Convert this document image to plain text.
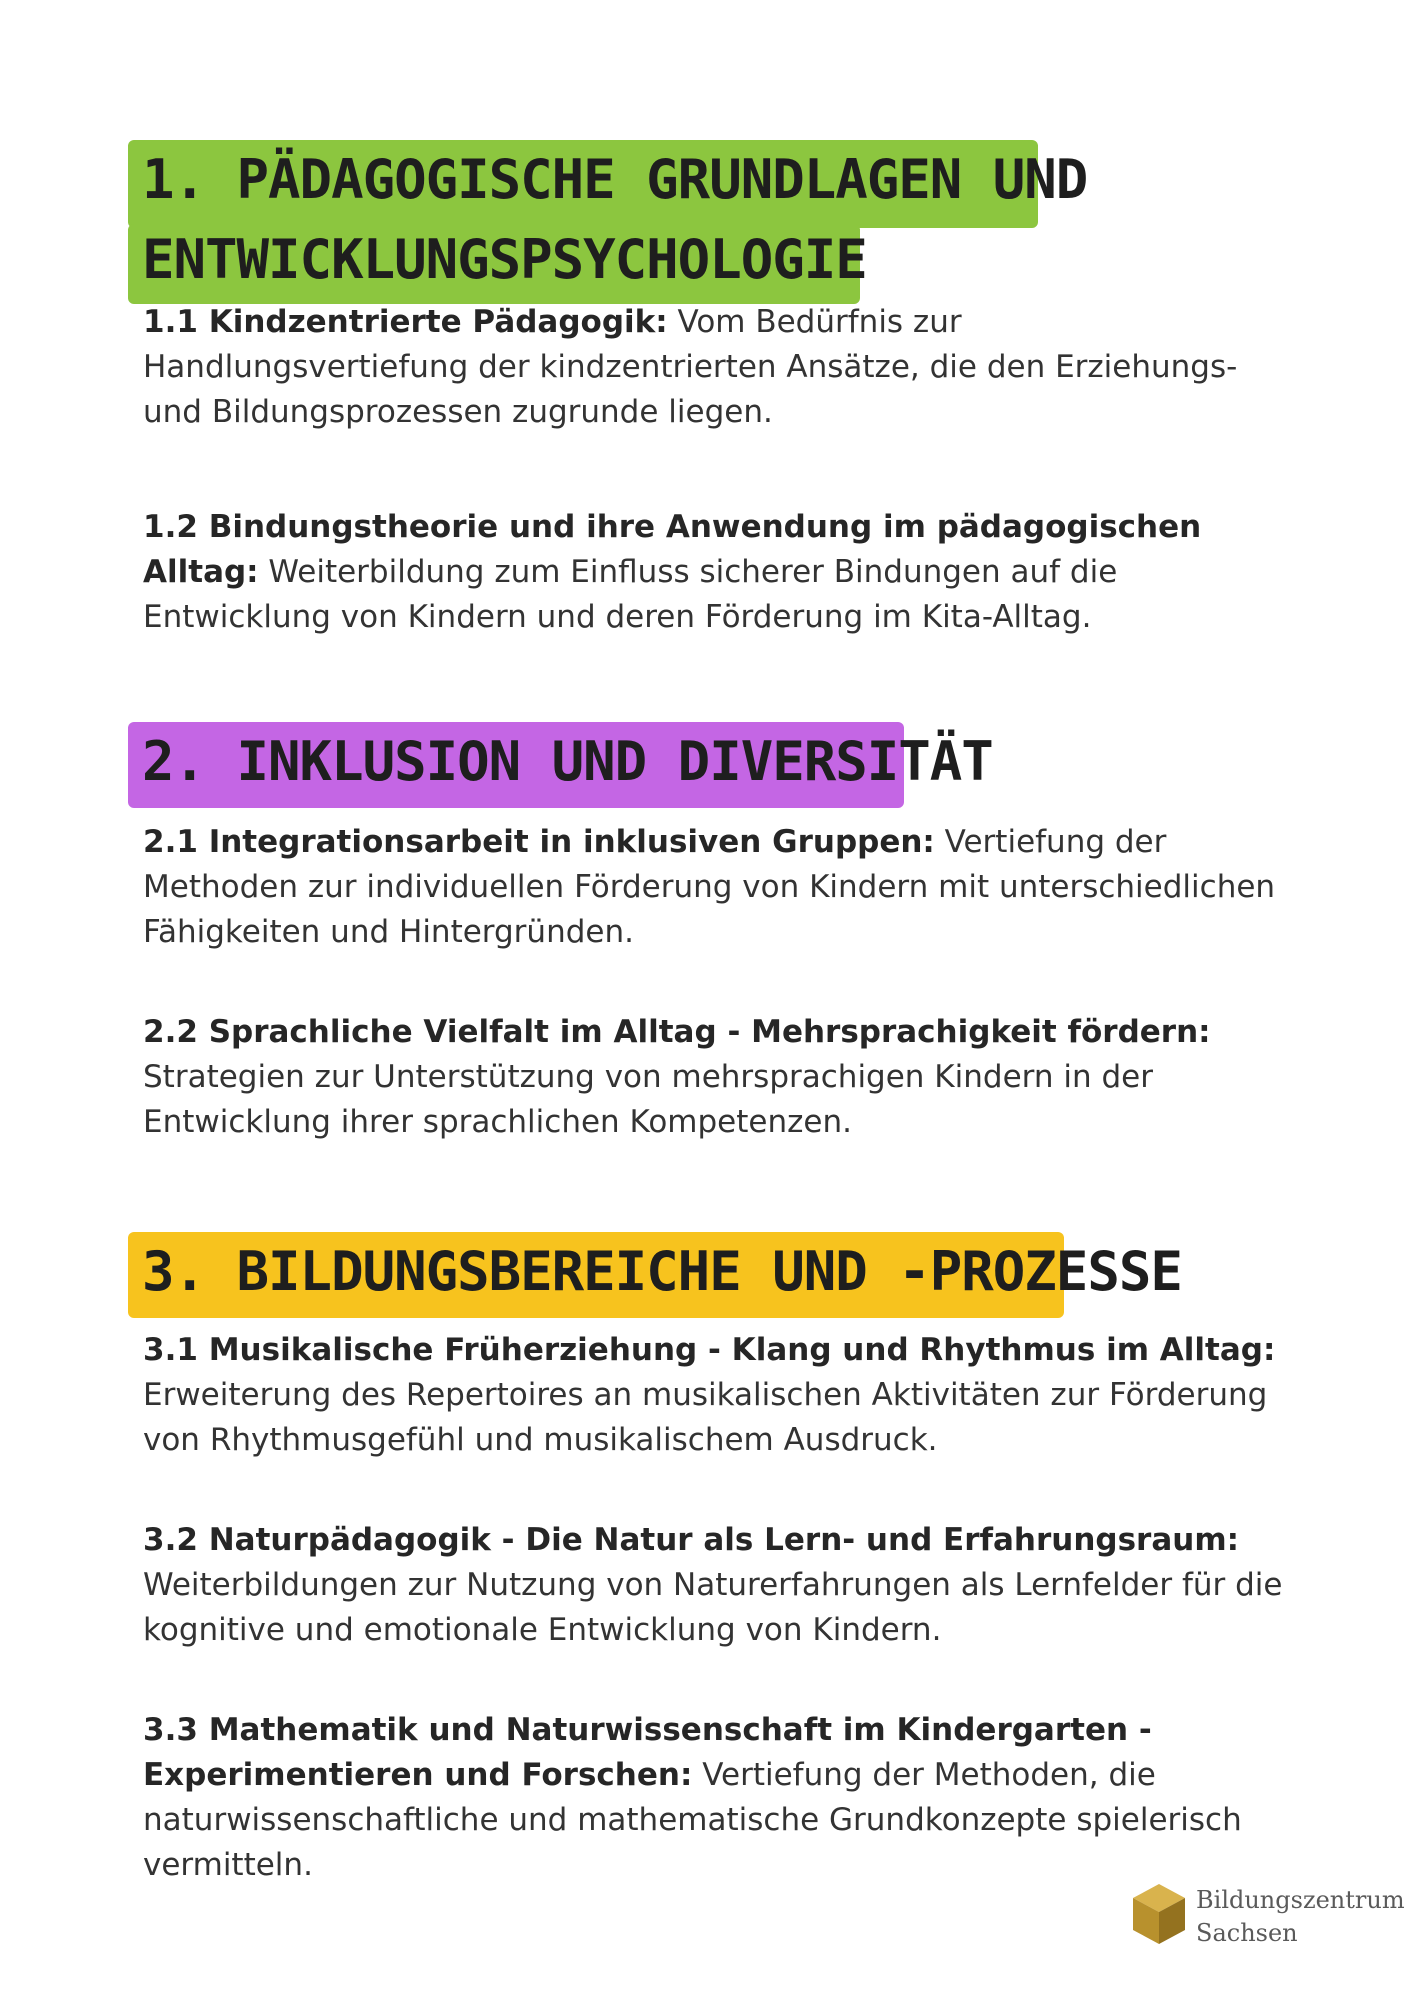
1. PÄDAGOGISCHE GRUNDLAGEN UND
ENTWICKLUNGSPSYCHOLOGIE

1.1 Kindzentrierte Pädagogik: Vom Bedürfnis zur Handlungsvertiefung der kindzentrierten Ansätze, die den Erziehungs- und Bildungsprozessen zugrunde liegen.

1.2 Bindungstheorie und ihre Anwendung im pädagogischen Alltag: Weiterbildung zum Einfluss sicherer Bindungen auf die Entwicklung von Kindern und deren Förderung im Kita-Alltag.

2. INKLUSION UND DIVERSITÄT

2.1 Integrationsarbeit in inklusiven Gruppen: Vertiefung der Methoden zur individuellen Förderung von Kindern mit unterschiedlichen Fähigkeiten und Hintergründen.

2.2 Sprachliche Vielfalt im Alltag - Mehrsprachigkeit fördern: Strategien zur Unterstützung von mehrsprachigen Kindern in der Entwicklung ihrer sprachlichen Kompetenzen.

3. BILDUNGSBEREICHE UND -PROZESSE

3.1 Musikalische Früherziehung - Klang und Rhythmus im Alltag: Erweiterung des Repertoires an musikalischen Aktivitäten zur Förderung von Rhythmusgefühl und musikalischem Ausdruck.

3.2 Naturpädagogik - Die Natur als Lern- und Erfahrungsraum: Weiterbildungen zur Nutzung von Naturerfahrungen als Lernfelder für die kognitive und emotionale Entwicklung von Kindern.

3.3 Mathematik und Naturwissenschaft im Kindergarten - Experimentieren und Forschen: Vertiefung der Methoden, die naturwissenschaftliche und mathematische Grundkonzepte spielerisch vermitteln.

Bildungszentrum
Sachsen
